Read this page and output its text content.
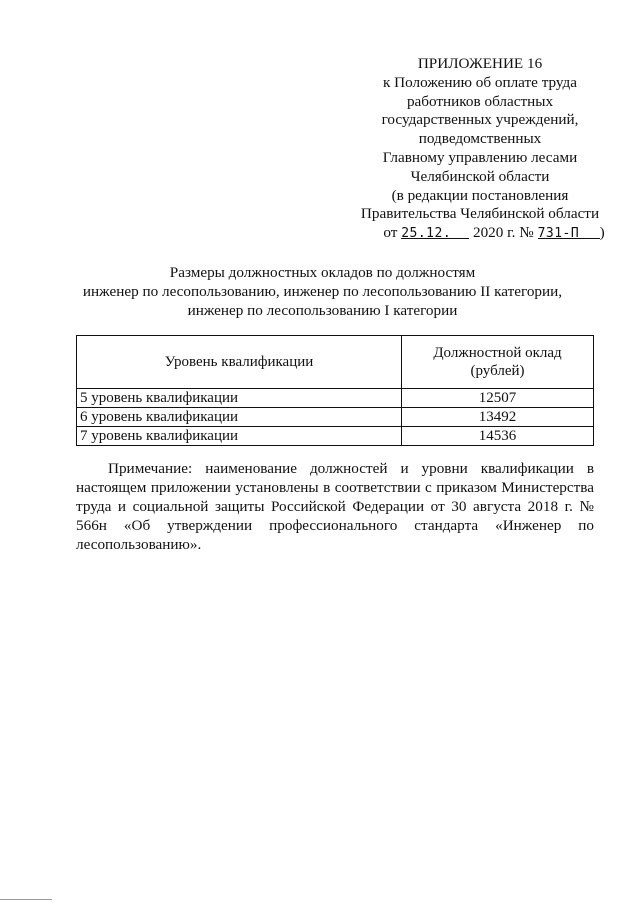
ПРИЛОЖЕНИЕ 16
к Положению об оплате труда
работников областных
государственных учреждений,
подведомственных
Главному управлению лесами
Челябинской области
(в редакции постановления
Правительства Челябинской области
от 25.12. 2020 г. № 731-П )
Размеры должностных окладов по должностям
инженер по лесопользованию, инженер по лесопользованию II категории,
инженер по лесопользованию I категории
Уровень квалификации	Должностной оклад
(рублей)

5 уровень квалификации	12507
6 уровень квалификации	13492
7 уровень квалификации	14536
Примечание: наименование должностей и уровни квалификации в настоящем приложении установлены в соответствии с приказом Министерства труда и социальной защиты Российской Федерации от 30 августа 2018 г. № 566н «Об утверждении профессионального стандарта «Инженер по лесопользованию».
